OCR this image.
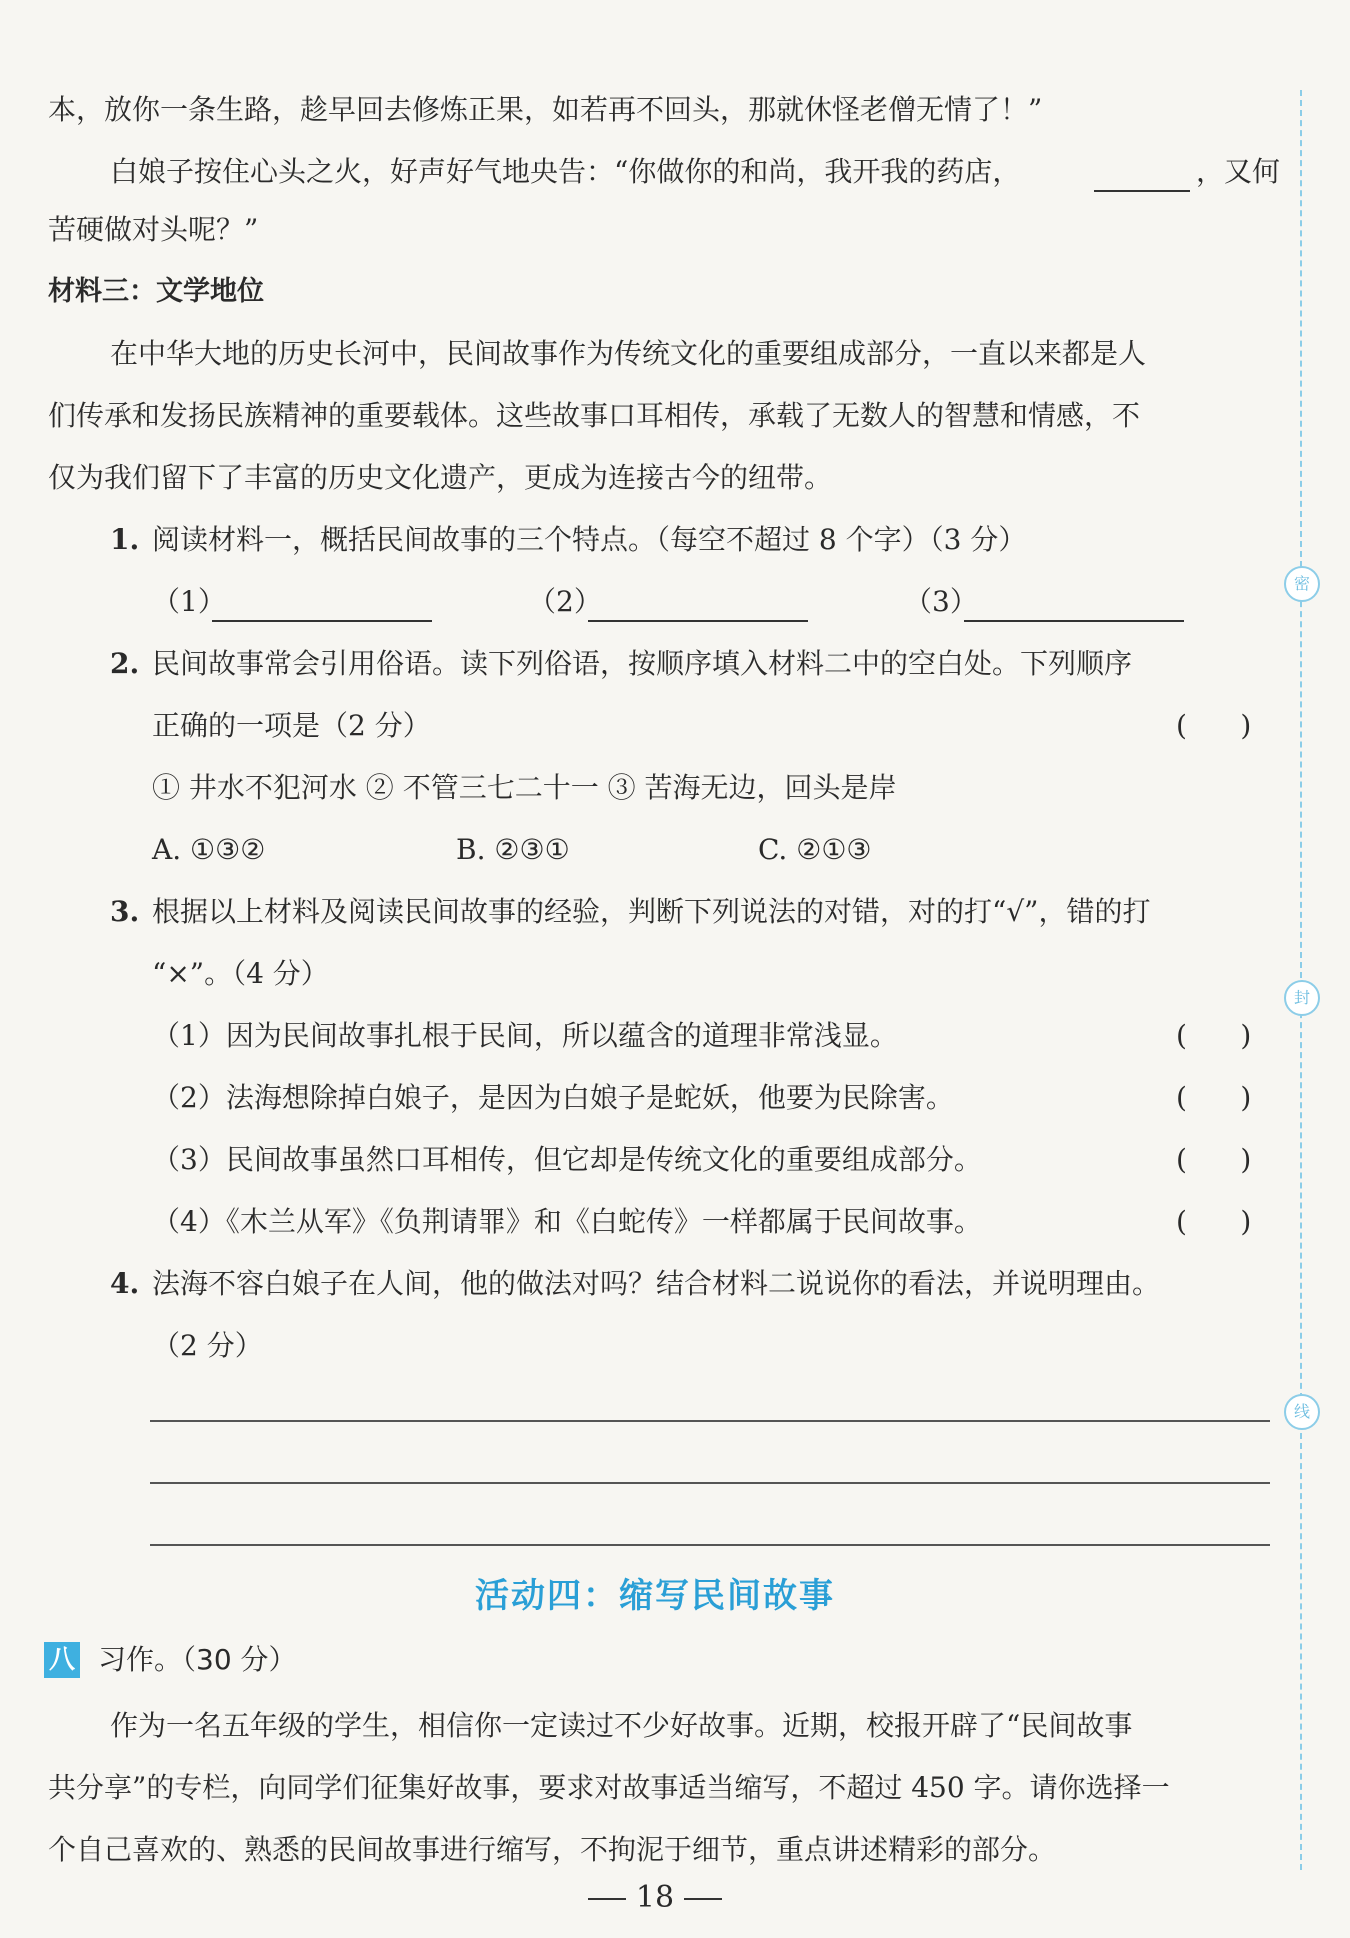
本，放你一条生路，趁早回去修炼正果，如若再不回头，那就休怪老僧无情了！”
白娘子按住心头之火，好声好气地央告：“你做你的和尚，我开我的药店，	，又何
苦硬做对头呢？”
材料三：文学地位
在中华大地的历史长河中，民间故事作为传统文化的重要组成部分，一直以来都是人
们传承和发扬民族精神的重要载体。这些故事口耳相传，承载了无数人的智慧和情感，不
仅为我们留下了丰富的历史文化遗产，更成为连接古今的纽带。
1. 阅读材料一，概括民间故事的三个特点。（每空不超过 8 个字）（3 分）
（1）	（2）	（3）
2. 民间故事常会引用俗语。读下列俗语，按顺序填入材料二中的空白处。下列顺序
正确的一项是（2 分）	(      )
① 井水不犯河水 ② 不管三七二十一 ③ 苦海无边，回头是岸
A. ①③②	B. ②③①	C. ②①③
3. 根据以上材料及阅读民间故事的经验，判断下列说法的对错，对的打“√”，错的打
“×”。（4 分）
（1）因为民间故事扎根于民间，所以蕴含的道理非常浅显。	(      )
（2）法海想除掉白娘子，是因为白娘子是蛇妖，他要为民除害。	(      )
（3）民间故事虽然口耳相传，但它却是传统文化的重要组成部分。	(      )
（4）《木兰从军》《负荆请罪》和《白蛇传》一样都属于民间故事。	(      )
4. 法海不容白娘子在人间，他的做法对吗？结合材料二说说你的看法，并说明理由。
（2 分）
活动四：缩写民间故事
八 习作。（30 分）
作为一名五年级的学生，相信你一定读过不少好故事。近期，校报开辟了“民间故事
共分享”的专栏，向同学们征集好故事，要求对故事适当缩写，不超过 450 字。请你选择一
个自己喜欢的、熟悉的民间故事进行缩写，不拘泥于细节，重点讲述精彩的部分。
18
密
封
线
